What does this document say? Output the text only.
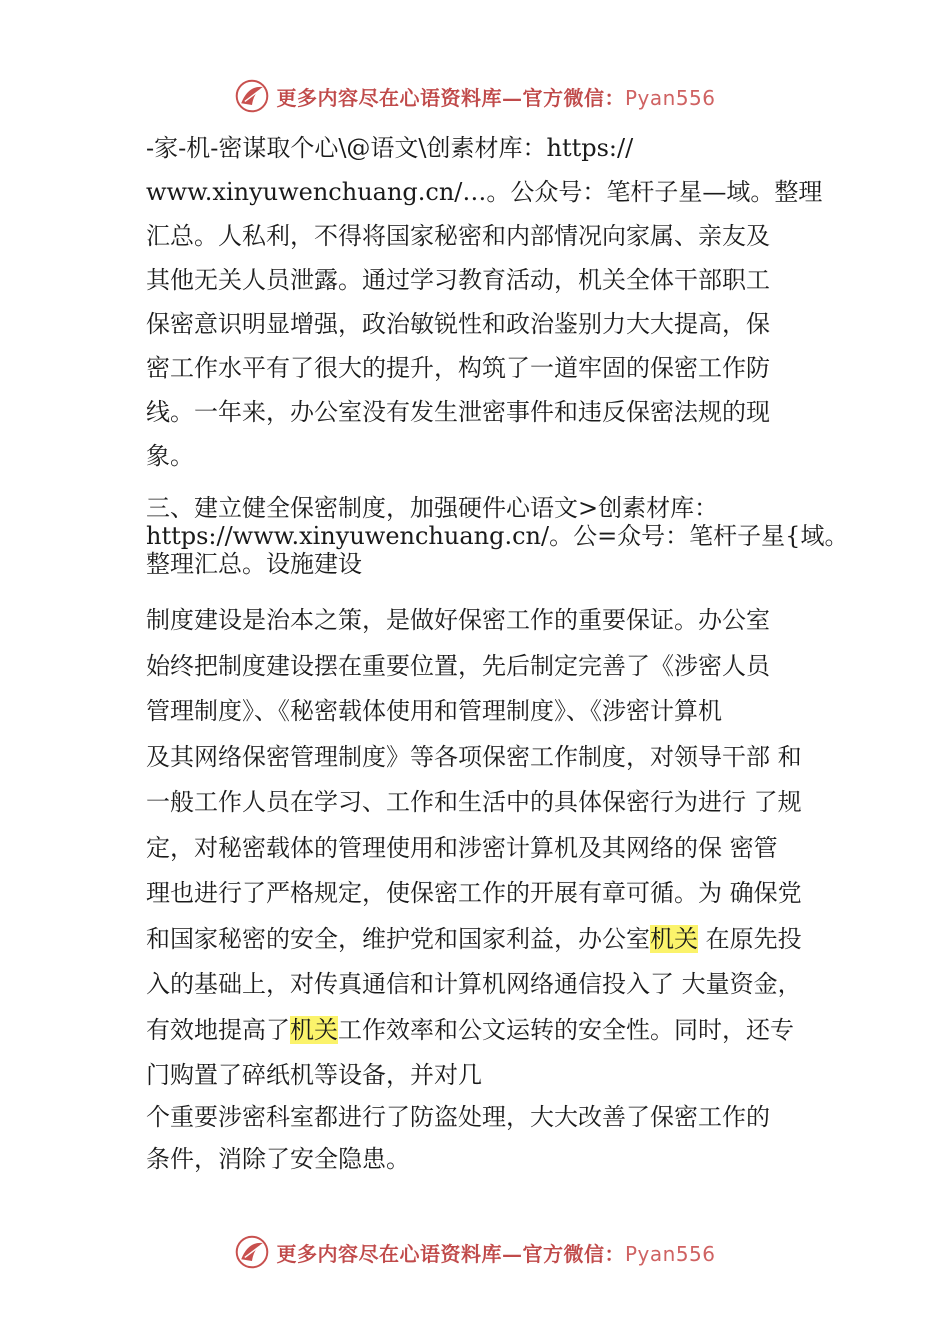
更多内容尽在心语资料库—官方微信：Pyan556
-家-机-密谋取个心\@语文\创素材库：https://
www.xinyuwenchuang.cn/…。公众号：笔杆子星—域。整理
汇总。人私利，不得将国家秘密和内部情况向家属、亲友及
其他无关人员泄露。通过学习教育活动，机关全体干部职工
保密意识明显增强，政治敏锐性和政治鉴别力大大提高，保
密工作水平有了很大的提升，构筑了一道牢固的保密工作防
线。一年来，办公室没有发生泄密事件和违反保密法规的现
象。
三、建立健全保密制度，加强硬件心语文>创素材库：
https://www.xinyuwenchuang.cn/。公=众号：笔杆子星{域。
整理汇总。设施建设
制度建设是治本之策，是做好保密工作的重要保证。办公室
始终把制度建设摆在重要位置，先后制定完善了《涉密人员
管理制度》、《秘密载体使用和管理制度》、《涉密计算机
及其网络保密管理制度》等各项保密工作制度，对领导干部 和
一般工作人员在学习、工作和生活中的具体保密行为进行 了规
定，对秘密载体的管理使用和涉密计算机及其网络的保 密管
理也进行了严格规定，使保密工作的开展有章可循。为 确保党
和国家秘密的安全，维护党和国家利益，办公室机关 在原先投
入的基础上，对传真通信和计算机网络通信投入了 大量资金，
有效地提高了机关工作效率和公文运转的安全性。同时，还专
门购置了碎纸机等设备，并对几
个重要涉密科室都进行了防盗处理，大大改善了保密工作的
条件，消除了安全隐患。
更多内容尽在心语资料库—官方微信：Pyan556
